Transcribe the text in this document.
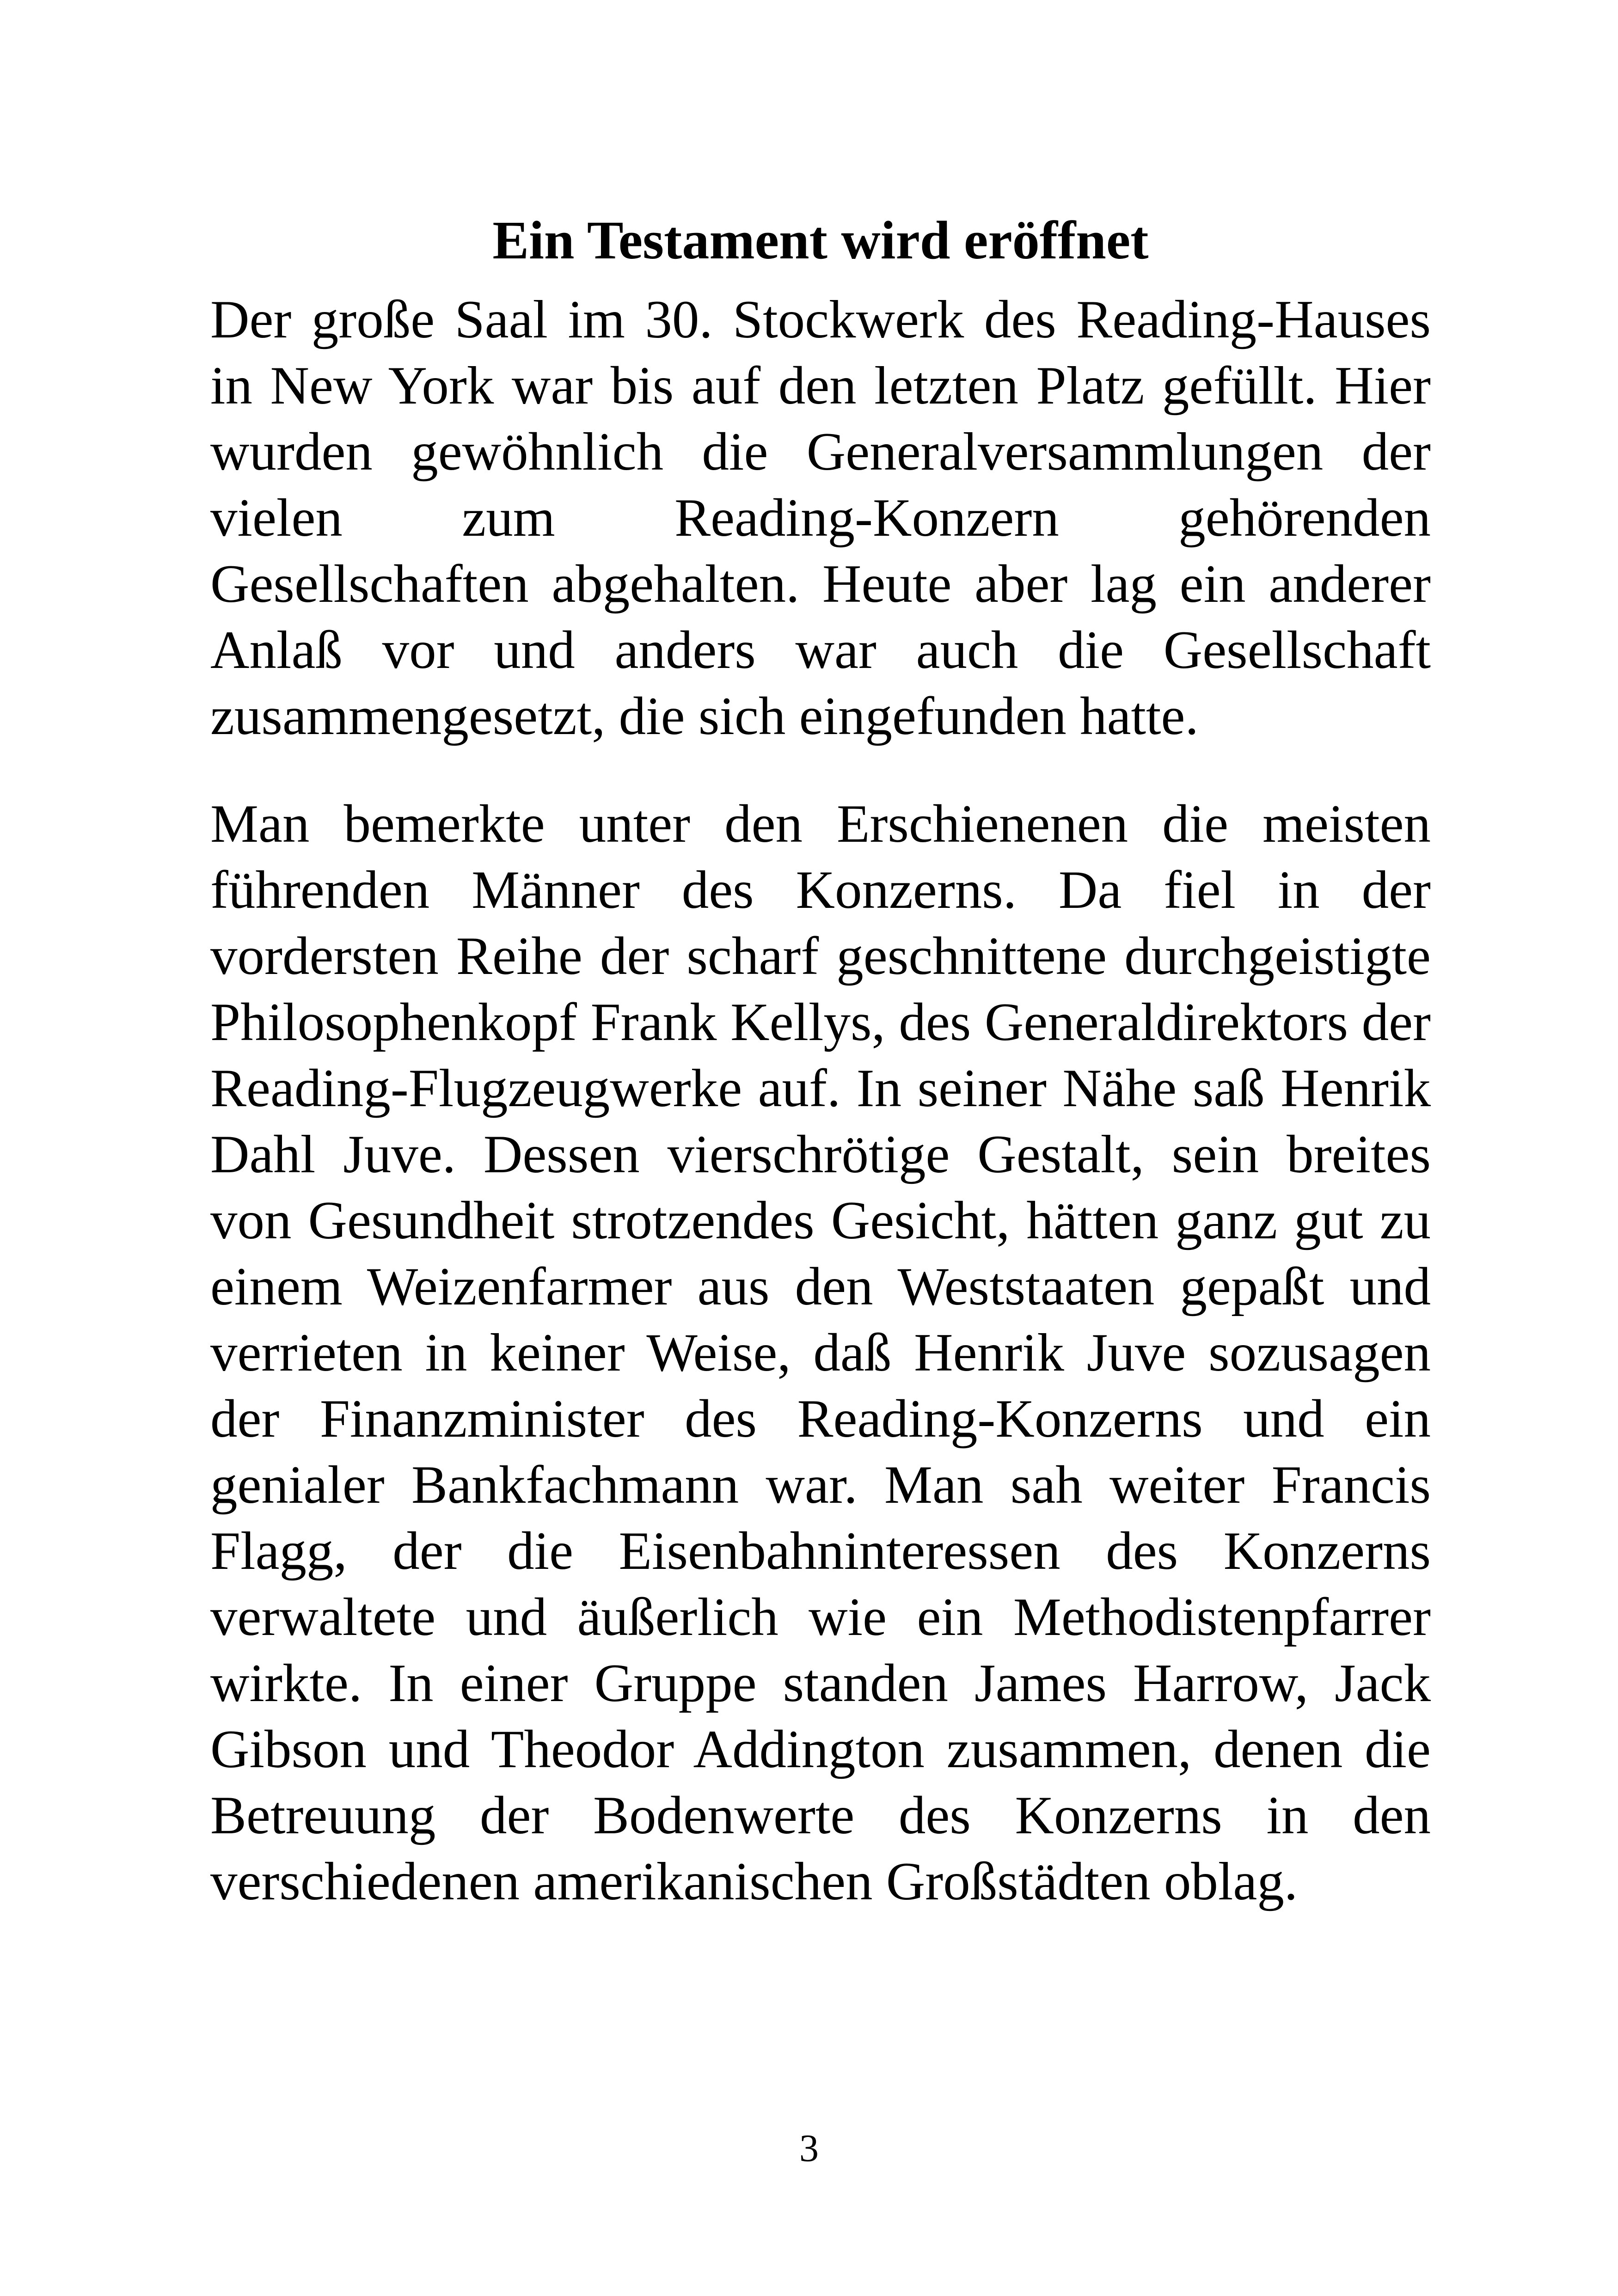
Ein Testament wird eröffnet

Der große Saal im 30. Stockwerk des Reading-Hauses in New York war bis auf den letzten Platz gefüllt. Hier wurden gewöhnlich die Generalversammlungen der vielen zum Reading-Konzern gehörenden Gesellschaften abgehalten. Heute aber lag ein anderer Anlaß vor und anders war auch die Gesellschaft zusammengesetzt, die sich eingefunden hatte.

Man bemerkte unter den Erschienenen die meisten führenden Männer des Konzerns. Da fiel in der vordersten Reihe der scharf geschnittene durchgeistigte Philosophenkopf Frank Kellys, des Generaldirektors der Reading-Flugzeugwerke auf. In seiner Nähe saß Henrik Dahl Juve. Dessen vierschrötige Gestalt, sein breites von Gesundheit strotzendes Gesicht, hätten ganz gut zu einem Weizenfarmer aus den Weststaaten gepaßt und verrieten in keiner Weise, daß Henrik Juve sozusagen der Finanzminister des Reading-Konzerns und ein genialer Bankfachmann war. Man sah weiter Francis Flagg, der die Eisenbahninteressen des Konzerns verwaltete und äußerlich wie ein Methodistenpfarrer wirkte. In einer Gruppe standen James Harrow, Jack Gibson und Theodor Addington zusammen, denen die Betreuung der Bodenwerte des Konzerns in den verschiedenen amerikanischen Großstädten oblag.

3
